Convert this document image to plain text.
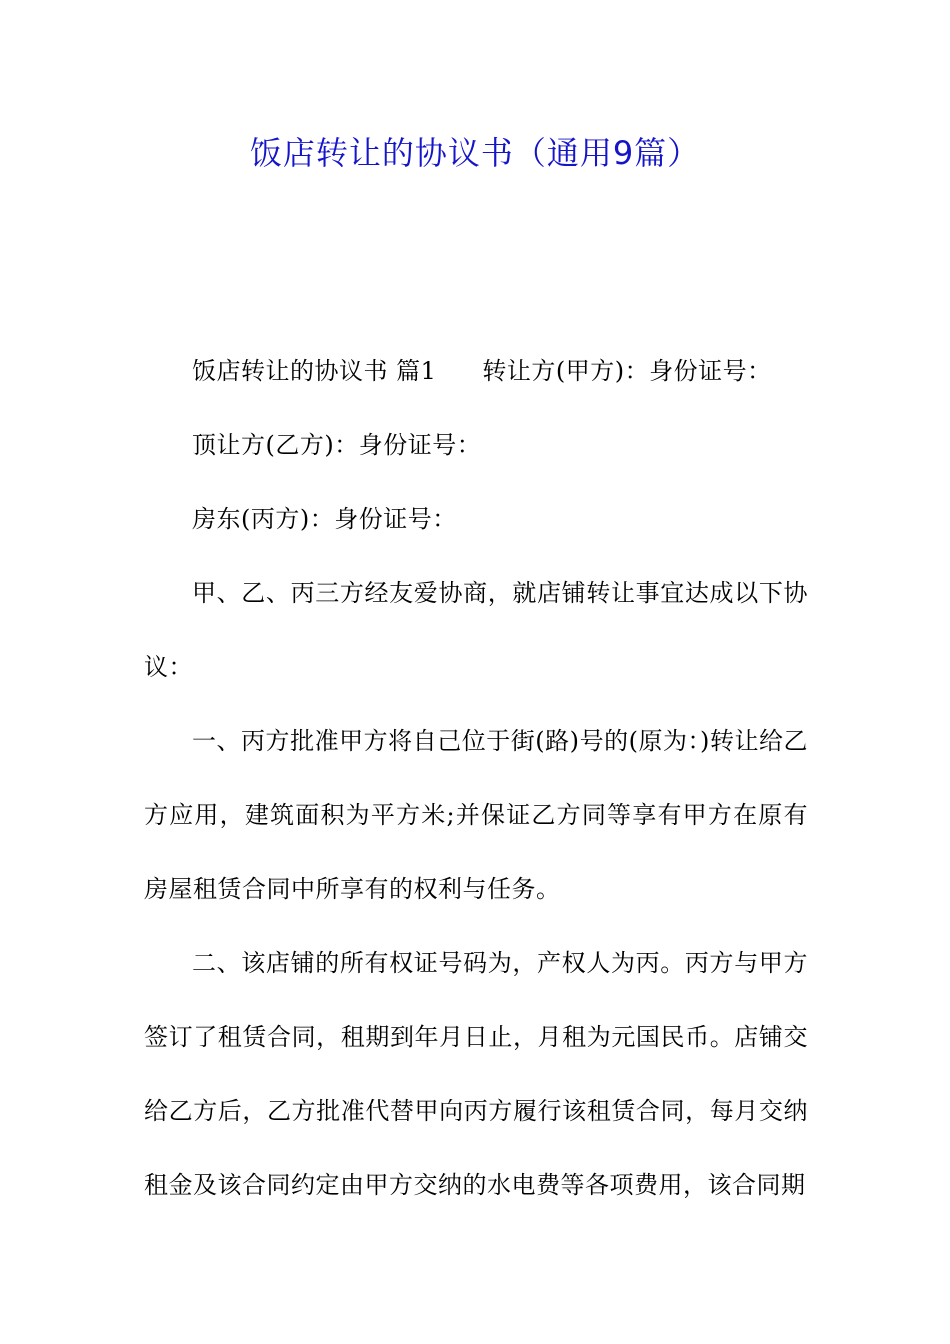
饭店转让的协议书（通用9篇）

饭店转让的协议书 篇1 转让方(甲方)：身份证号：

顶让方(乙方)：身份证号：

房东(丙方)：身份证号：

甲、乙、丙三方经友爱协商，就店铺转让事宜达成以下协议：

一、丙方批准甲方将自己位于街(路)号的(原为：)转让给乙方应用，建筑面积为平方米;并保证乙方同等享有甲方在原有房屋租赁合同中所享有的权利与任务。

二、该店铺的所有权证号码为，产权人为丙。丙方与甲方签订了租赁合同，租期到年月日止，月租为元国民币。店铺交给乙方后，乙方批准代替甲向丙方履行该租赁合同，每月交纳租金及该合同约定由甲方交纳的水电费等各项费用，该合同期
